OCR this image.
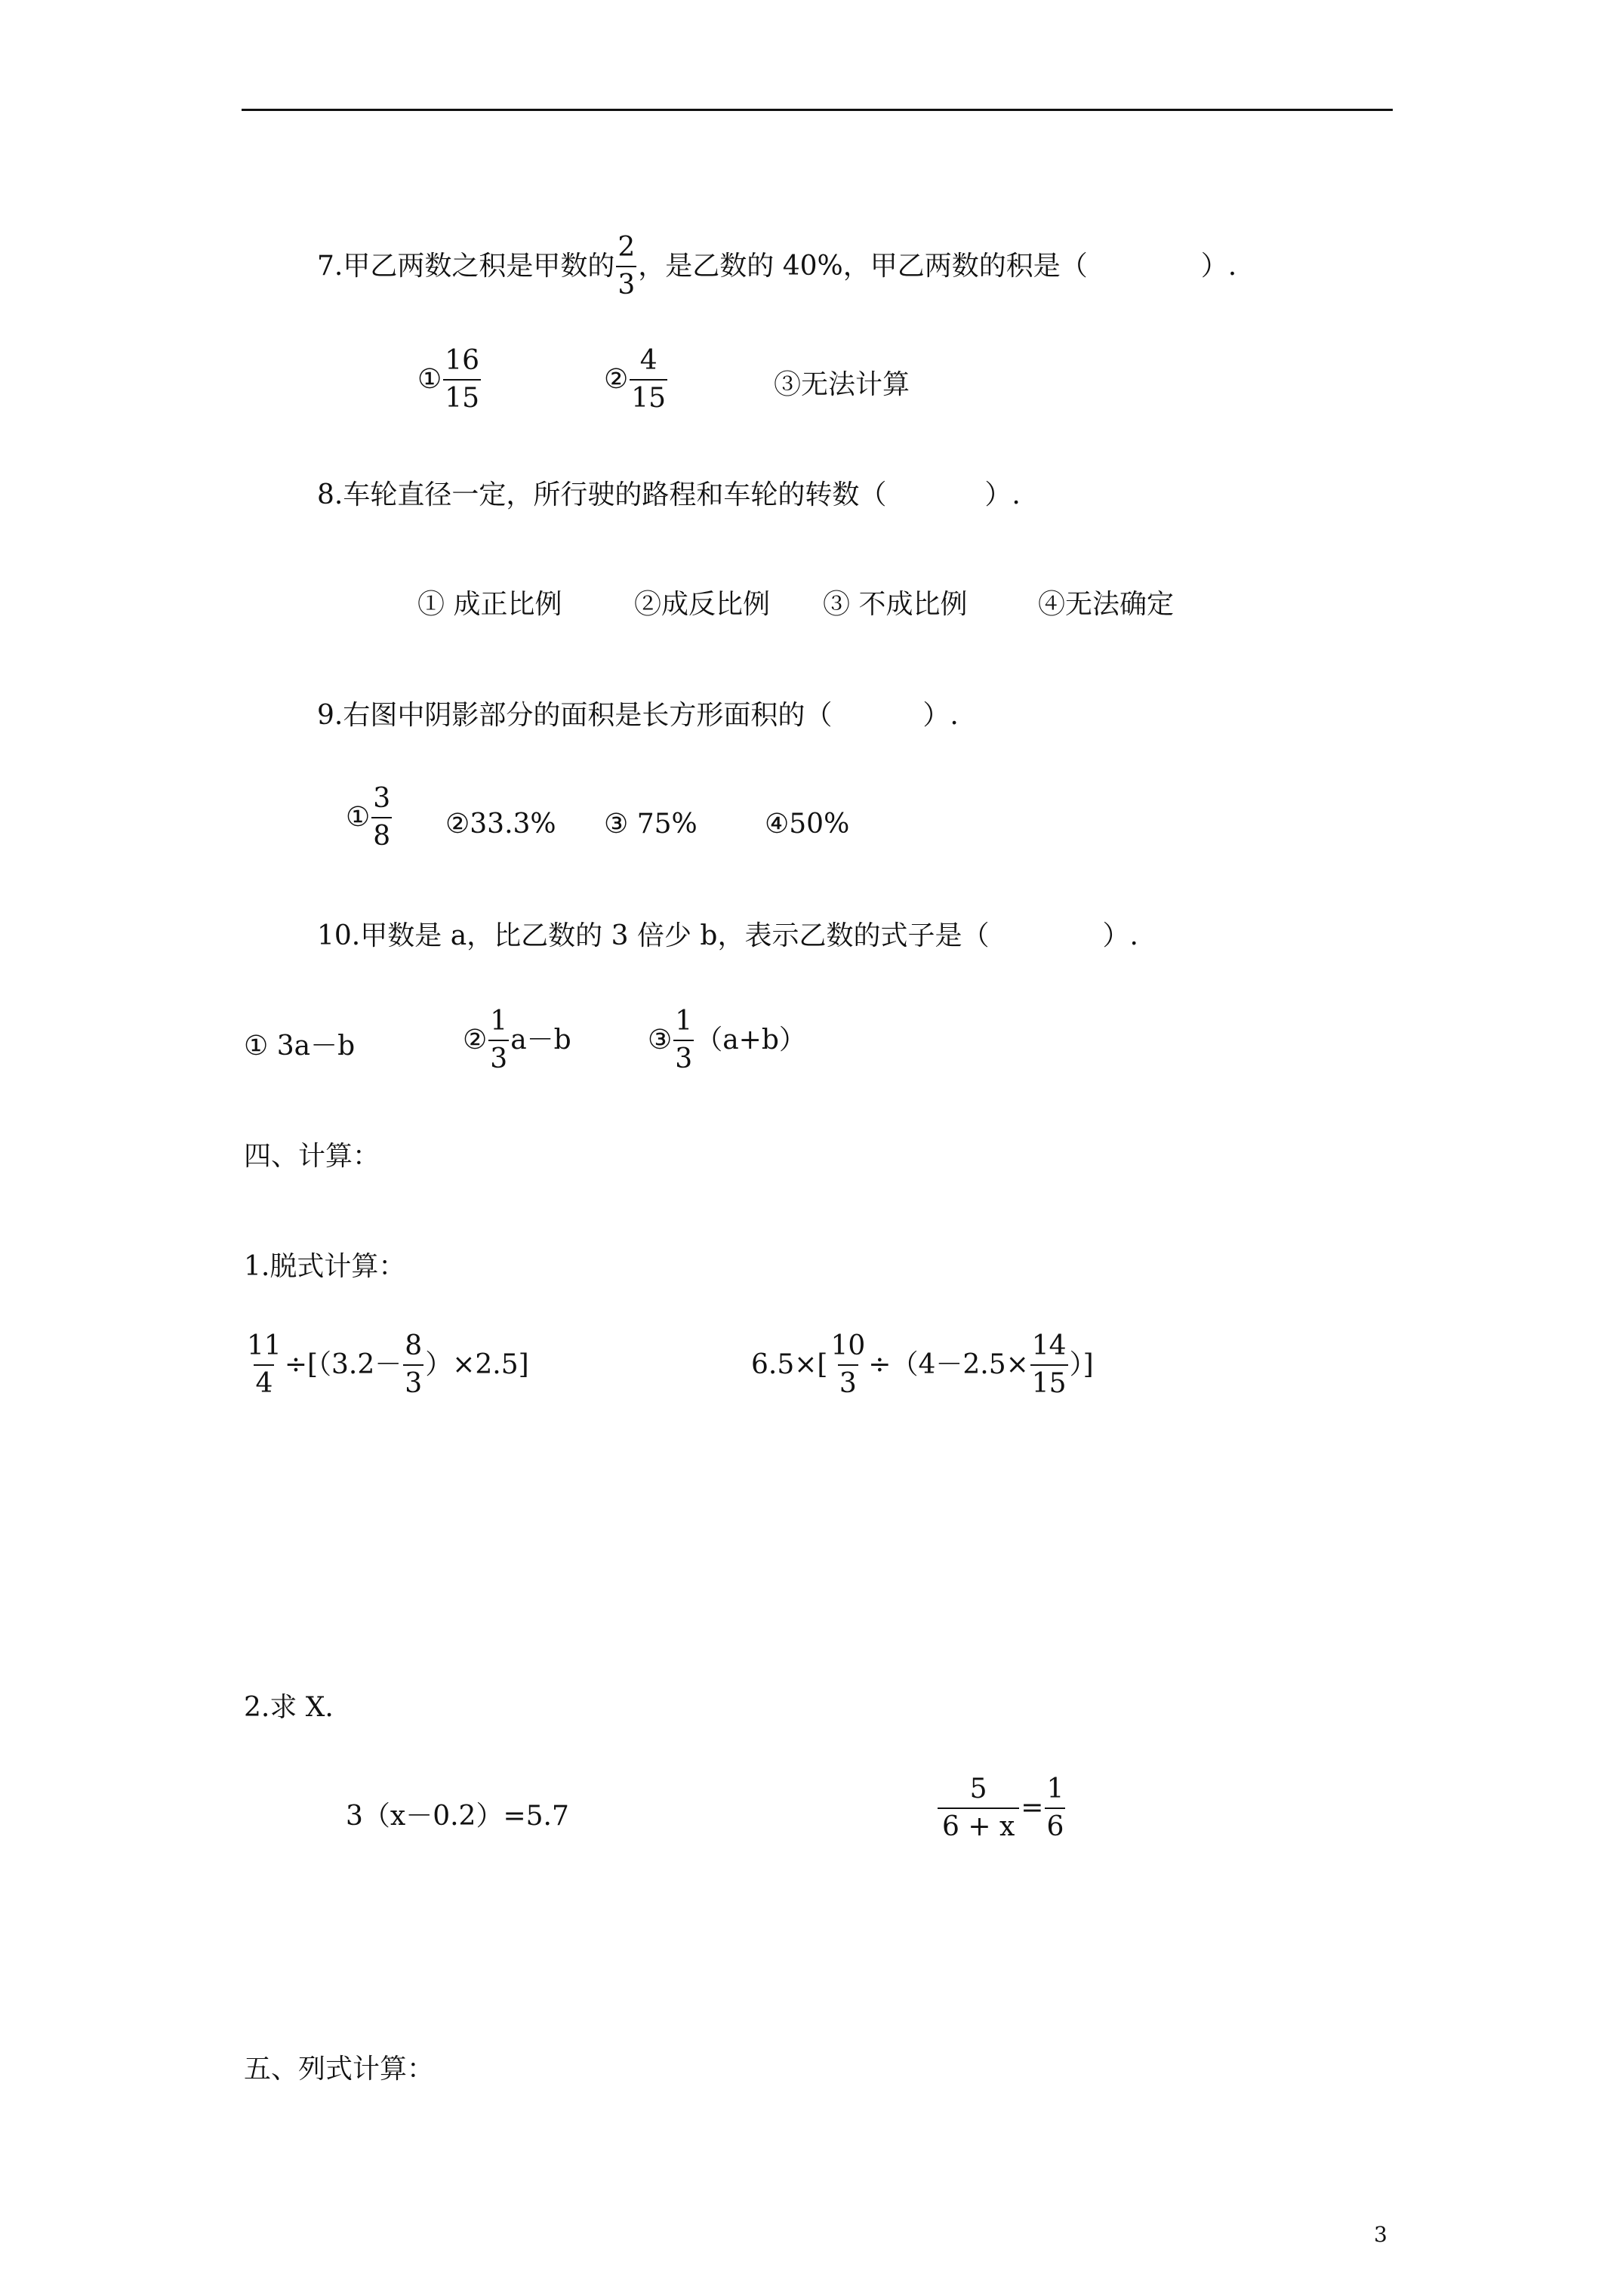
7.甲乙两数之积是甲数的 $\frac{2}{3}$ ，是乙数的 40%，甲乙两数的积是（	）.
① $\frac{16}{15}$	② $\frac{4}{15}$	③无法计算
8.车轮直径一定，所行驶的路程和车轮的转数（	）.
① 成正比例	②成反比例 ③ 不成比例	④无法确定
9.右图中阴影部分的面积是长方形面积的（	）.
① $\frac{3}{8}$ ②33.3% ③ 75% ④50%
10.甲数是 a，比乙数的 3 倍少 b，表示乙数的式子是（	）.
① 3a－b	② $\frac{1}{3} a-b$	③ $\frac{1}{3} (a+b)$
四、计算：
1.脱式计算：
$\frac{11}{4} \div[(3.2- \frac{8}{3} )\times 2.5]$	$6.5\times[ \frac{10}{3} \div(4-2.5\times \frac{14}{15}$ ）]
2.求 X.
3（x－0.2）=5.7	$\frac{5}{6 + x} = \frac{1}{6}$
五、列式计算：
3
